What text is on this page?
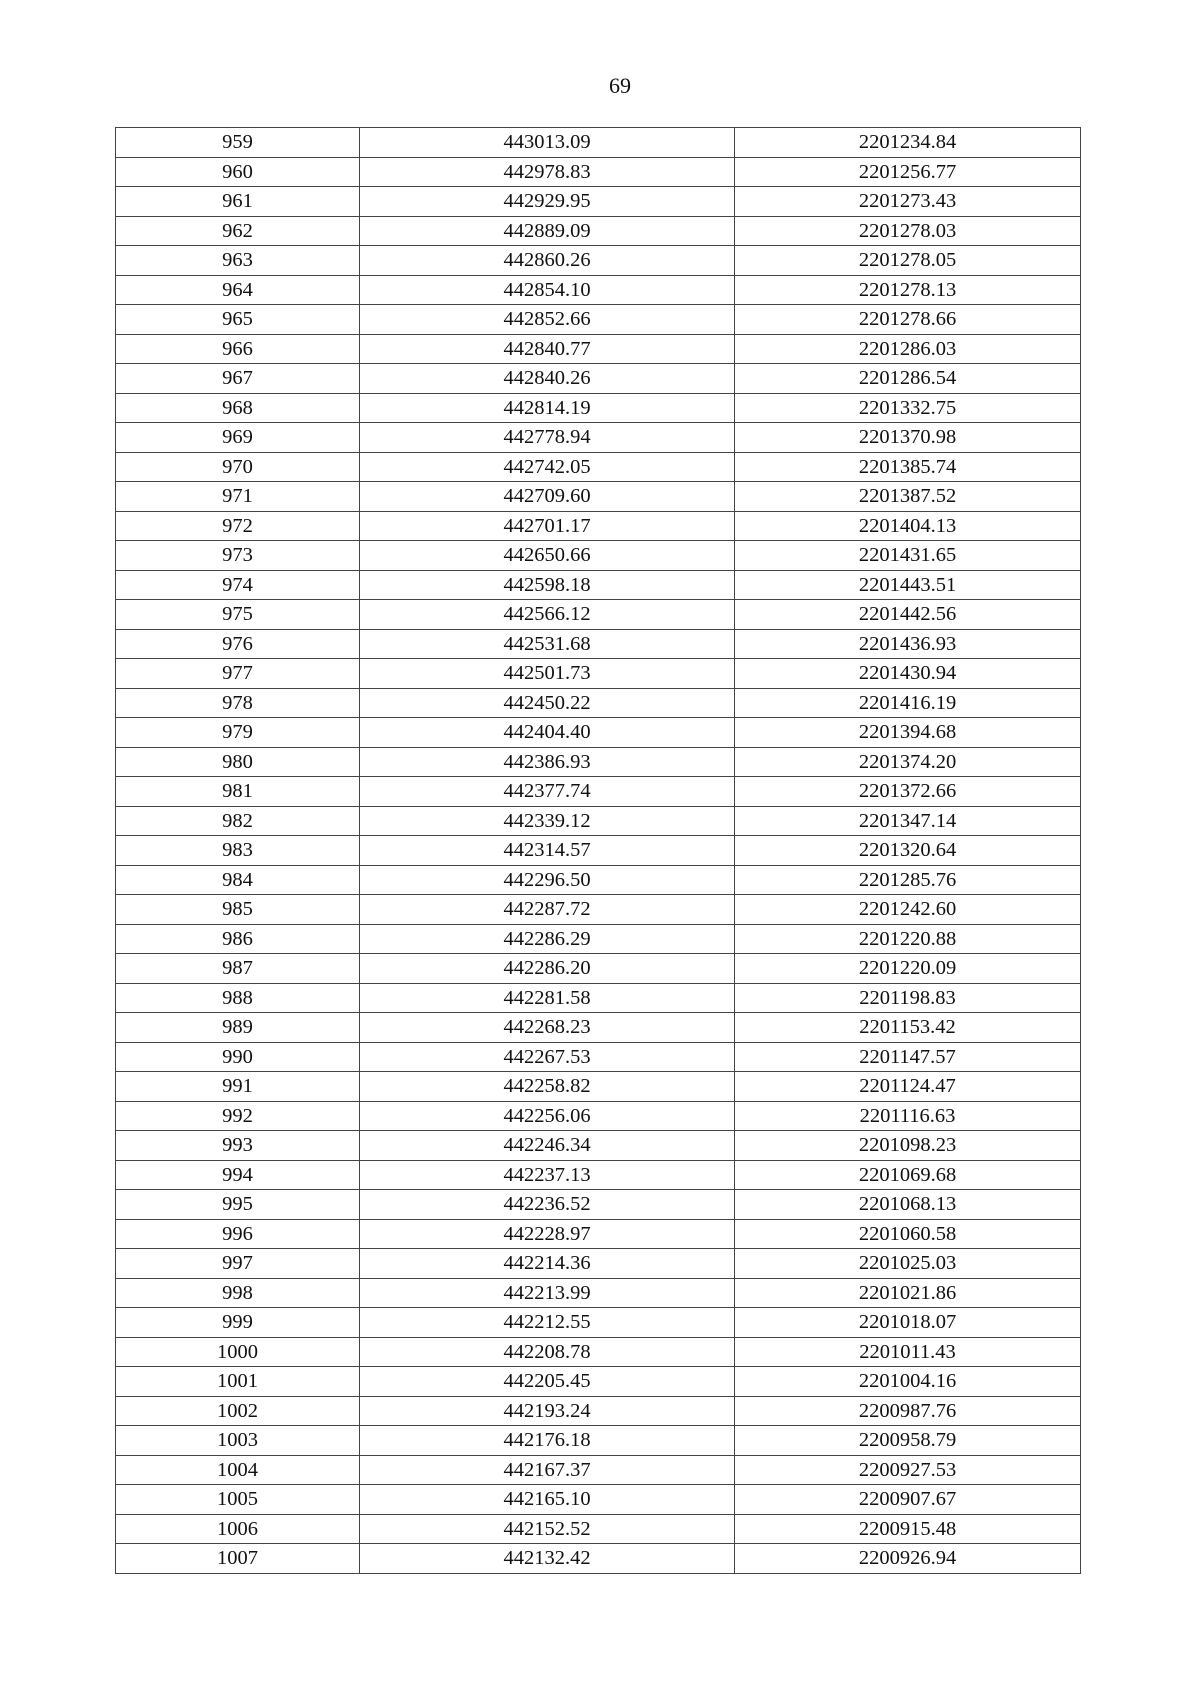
69
959	443013.09	2201234.84
960	442978.83	2201256.77
961	442929.95	2201273.43
962	442889.09	2201278.03
963	442860.26	2201278.05
964	442854.10	2201278.13
965	442852.66	2201278.66
966	442840.77	2201286.03
967	442840.26	2201286.54
968	442814.19	2201332.75
969	442778.94	2201370.98
970	442742.05	2201385.74
971	442709.60	2201387.52
972	442701.17	2201404.13
973	442650.66	2201431.65
974	442598.18	2201443.51
975	442566.12	2201442.56
976	442531.68	2201436.93
977	442501.73	2201430.94
978	442450.22	2201416.19
979	442404.40	2201394.68
980	442386.93	2201374.20
981	442377.74	2201372.66
982	442339.12	2201347.14
983	442314.57	2201320.64
984	442296.50	2201285.76
985	442287.72	2201242.60
986	442286.29	2201220.88
987	442286.20	2201220.09
988	442281.58	2201198.83
989	442268.23	2201153.42
990	442267.53	2201147.57
991	442258.82	2201124.47
992	442256.06	2201116.63
993	442246.34	2201098.23
994	442237.13	2201069.68
995	442236.52	2201068.13
996	442228.97	2201060.58
997	442214.36	2201025.03
998	442213.99	2201021.86
999	442212.55	2201018.07
1000	442208.78	2201011.43
1001	442205.45	2201004.16
1002	442193.24	2200987.76
1003	442176.18	2200958.79
1004	442167.37	2200927.53
1005	442165.10	2200907.67
1006	442152.52	2200915.48
1007	442132.42	2200926.94
